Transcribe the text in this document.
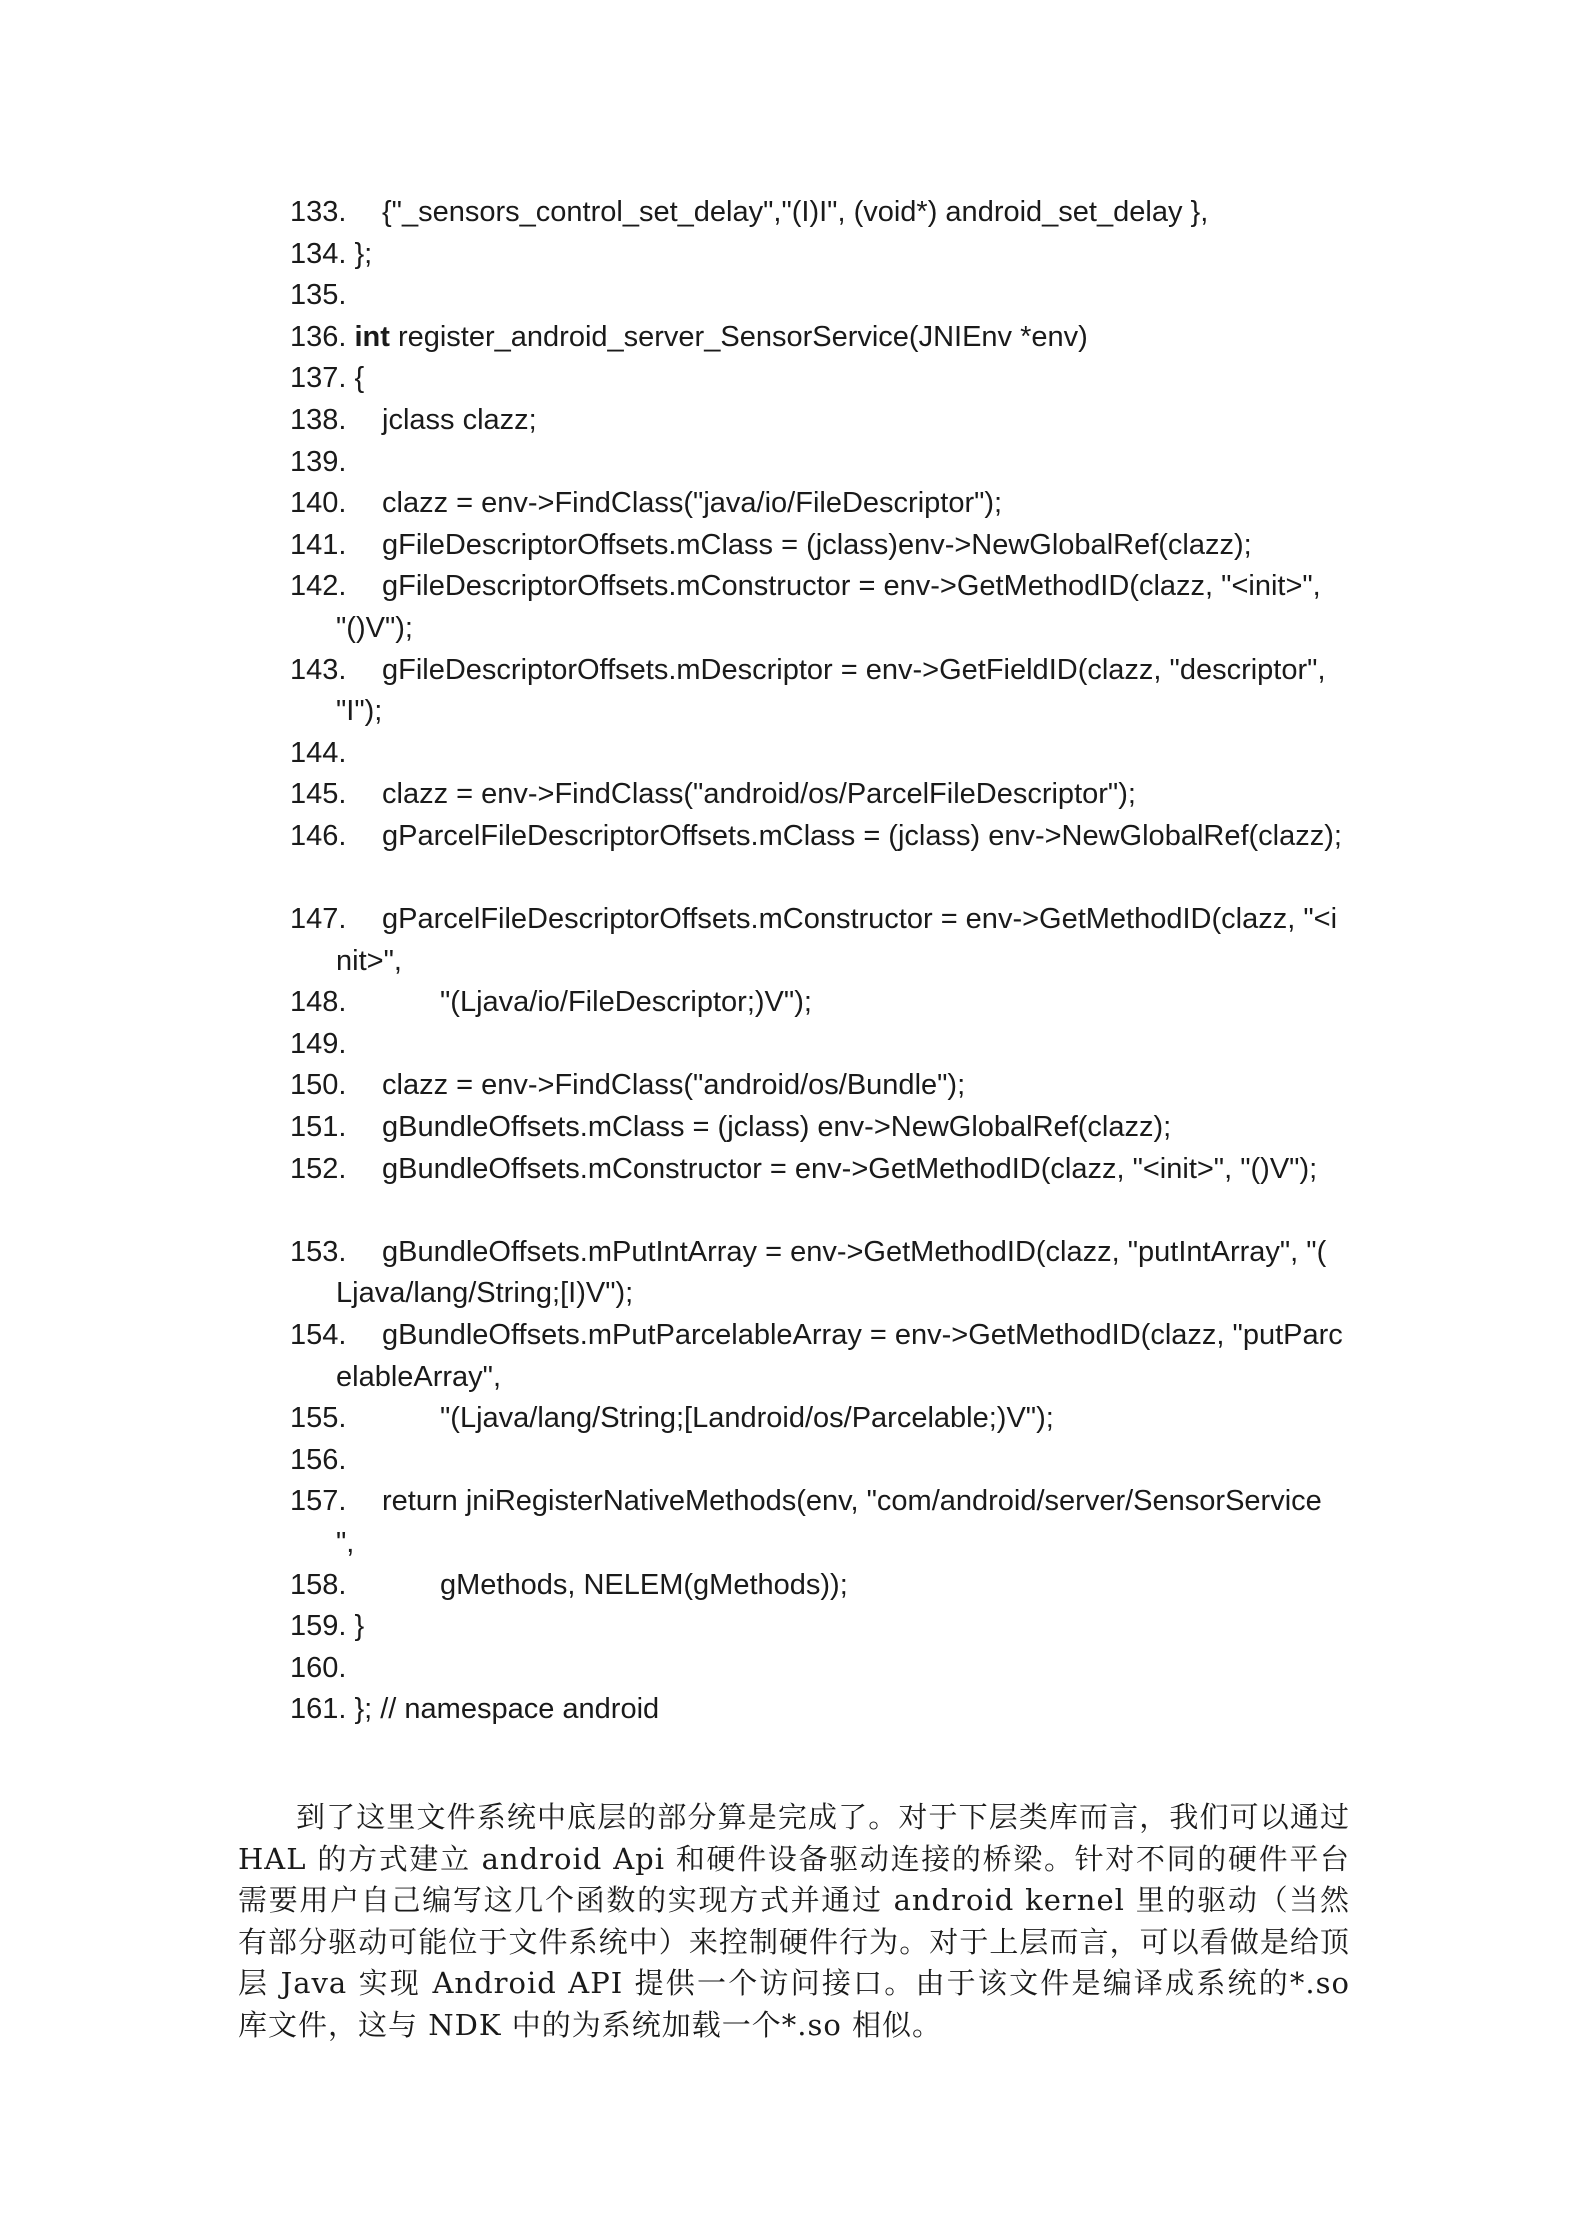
133. {"_sensors_control_set_delay","(I)I", (void*) android_set_delay },
134. };
135.
136. int register_android_server_SensorService(JNIEnv *env)
137. {
138. jclass clazz;
139.
140. clazz = env->FindClass("java/io/FileDescriptor");
141. gFileDescriptorOffsets.mClass = (jclass)env->NewGlobalRef(clazz);
142. gFileDescriptorOffsets.mConstructor = env->GetMethodID(clazz, "<init>",
"()V");
143. gFileDescriptorOffsets.mDescriptor = env->GetFieldID(clazz, "descriptor",
"I");
144.
145. clazz = env->FindClass("android/os/ParcelFileDescriptor");
146. gParcelFileDescriptorOffsets.mClass = (jclass) env->NewGlobalRef(clazz);
147. gParcelFileDescriptorOffsets.mConstructor = env->GetMethodID(clazz, "<i
nit>",
148.	"(Ljava/io/FileDescriptor;)V");
149.
150. clazz = env->FindClass("android/os/Bundle");
151. gBundleOffsets.mClass = (jclass) env->NewGlobalRef(clazz);
152. gBundleOffsets.mConstructor = env->GetMethodID(clazz, "<init>", "()V");
153. gBundleOffsets.mPutIntArray = env->GetMethodID(clazz, "putIntArray", "(
Ljava/lang/String;[I)V");
154. gBundleOffsets.mPutParcelableArray = env->GetMethodID(clazz, "putParc
elableArray",
155.	"(Ljava/lang/String;[Landroid/os/Parcelable;)V");
156.
157. return jniRegisterNativeMethods(env, "com/android/server/SensorService
",
158.	gMethods, NELEM(gMethods));
159. }
160.
161. }; // namespace android

到了这里文件系统中底层的部分算是完成了。对于下层类库而言，我们可以通过 HAL 的方式建立 android Api 和硬件设备驱动连接的桥梁。针对不同的硬件平台需要用户自己编写这几个函数的实现方式并通过 android kernel 里的驱动（当然有部分驱动可能位于文件系统中）来控制硬件行为。对于上层而言，可以看做是给顶层 Java 实现 Android API 提供一个访问接口。由于该文件是编译成系统的*.so 库文件，这与 NDK 中的为系统加载一个*.so 相似。
